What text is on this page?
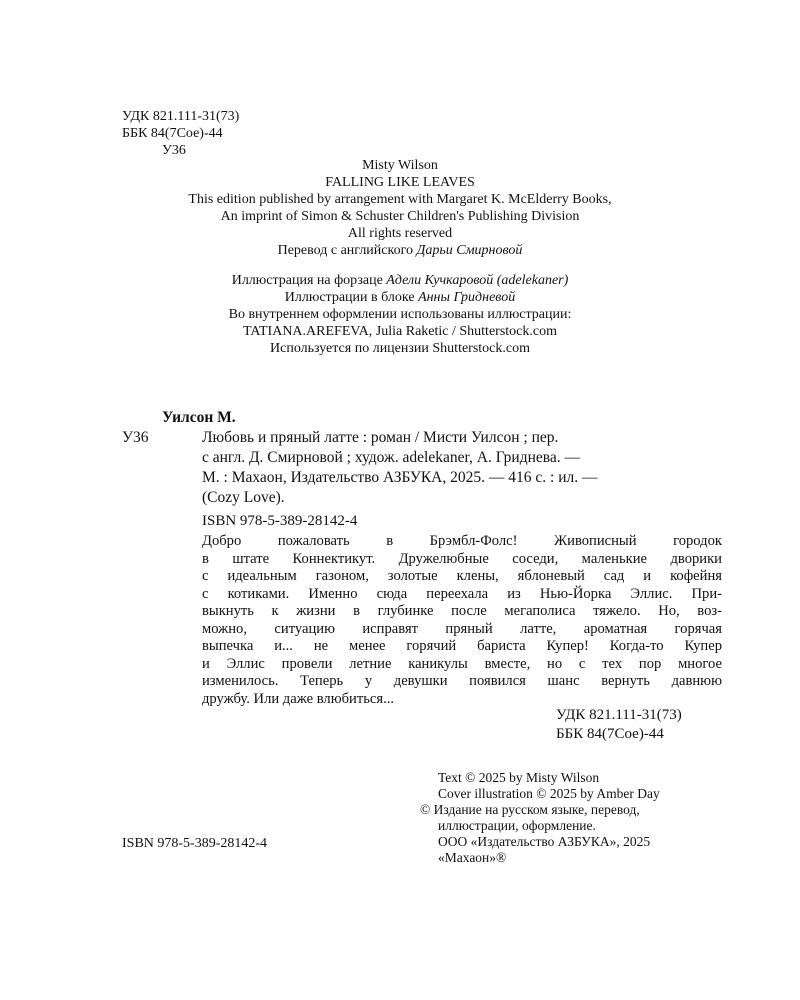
УДК 821.111-31(73)
ББК 84(7Сое)-44
У36
Misty Wilson
FALLING LIKE LEAVES
This edition published by arrangement with Margaret K. McElderry Books,
An imprint of Simon & Schuster Children's Publishing Division
All rights reserved
Перевод с английского Дарьи Смирновой
Иллюстрация на форзаце Адели Кучкаровой (adelekaner)
Иллюстрации в блоке Анны Гридневой
Во внутреннем оформлении использованы иллюстрации:
TATIANA.AREFEVA, Julia Raketic / Shutterstock.com
Используется по лицензии Shutterstock.com
Уилсон М.
У36	Любовь и пряный латте : роман / Мисти Уилсон ; пер.
с англ. Д. Смирновой ; худож. adelekaner, А. Гриднева. —
М. : Махаон, Издательство АЗБУКА, 2025. — 416 с. : ил. —
(Cozy Love).
ISBN 978-5-389-28142-4
Добро пожаловать в Брэмбл-Фолс! Живописный городок
в штате Коннектикут. Дружелюбные соседи, маленькие дворики
с идеальным газоном, золотые клены, яблоневый сад и кофейня
с котиками. Именно сюда переехала из Нью-Йорка Эллис. При-
выкнуть к жизни в глубинке после мегаполиса тяжело. Но, воз-
можно, ситуацию исправят пряный латте, ароматная горячая
выпечка и... не менее горячий бариста Купер! Когда-то Купер
и Эллис провели летние каникулы вместе, но с тех пор многое
изменилось. Теперь у девушки появился шанс вернуть давнюю
дружбу. Или даже влюбиться...
УДК 821.111-31(73)
ББК 84(7Сое)-44
Text © 2025 by Misty Wilson
Cover illustration © 2025 by Amber Day
© Издание на русском языке, перевод,
иллюстрации, оформление.
ООО «Издательство АЗБУКА», 2025
«Махаон»®
ISBN 978-5-389-28142-4
